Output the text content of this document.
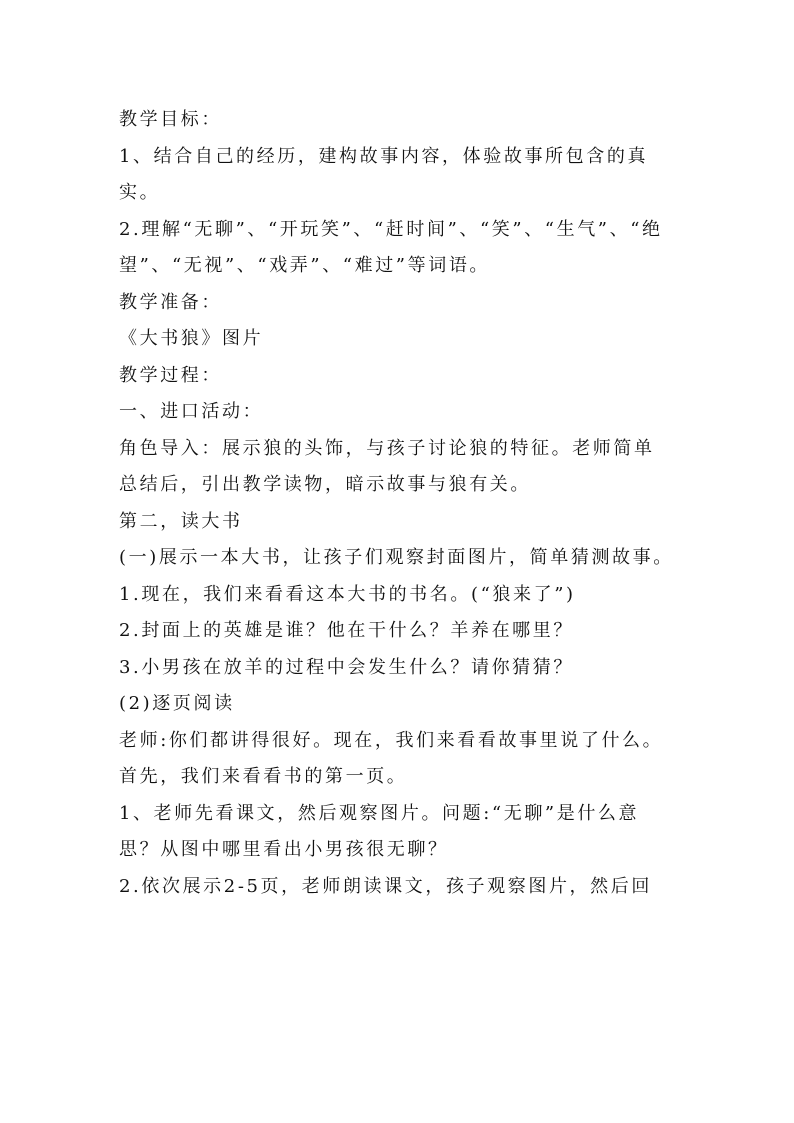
教学目标：
1、结合自己的经历，建构故事内容，体验故事所包含的真
实。
2.理解“无聊”、“开玩笑”、“赶时间”、“笑”、“生气”、“绝
望”、“无视”、“戏弄”、“难过”等词语。
教学准备：
《大书狼》图片
教学过程：
一、进口活动：
角色导入：展示狼的头饰，与孩子讨论狼的特征。老师简单
总结后，引出教学读物，暗示故事与狼有关。
第二，读大书
(一)展示一本大书，让孩子们观察封面图片，简单猜测故事。
1.现在，我们来看看这本大书的书名。(“狼来了”)
2.封面上的英雄是谁？他在干什么？羊养在哪里？
3.小男孩在放羊的过程中会发生什么？请你猜猜？
(2)逐页阅读
老师:你们都讲得很好。现在，我们来看看故事里说了什么。
首先，我们来看看书的第一页。
1、老师先看课文，然后观察图片。问题:“无聊”是什么意
思？从图中哪里看出小男孩很无聊？
2.依次展示2-5页，老师朗读课文，孩子观察图片，然后回
